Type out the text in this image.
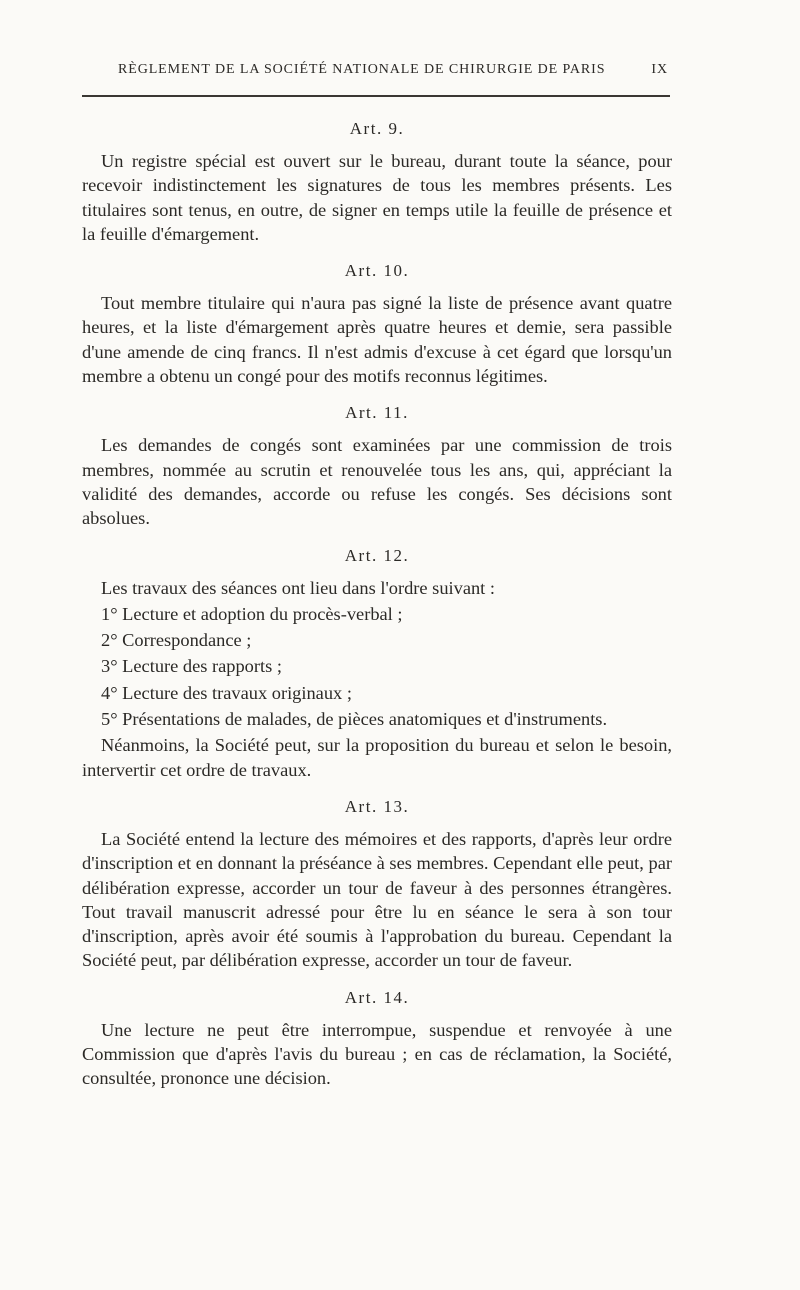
RÈGLEMENT DE LA SOCIÉTÉ NATIONALE DE CHIRURGIE DE PARIS	IX
Art. 9.

Un registre spécial est ouvert sur le bureau, durant toute la séance, pour recevoir indistinctement les signatures de tous les membres présents. Les titulaires sont tenus, en outre, de signer en temps utile la feuille de présence et la feuille d'émargement.

Art. 10.

Tout membre titulaire qui n'aura pas signé la liste de présence avant quatre heures, et la liste d'émargement après quatre heures et demie, sera passible d'une amende de cinq francs. Il n'est admis d'excuse à cet égard que lorsqu'un membre a obtenu un congé pour des motifs reconnus légitimes.

Art. 11.

Les demandes de congés sont examinées par une commission de trois membres, nommée au scrutin et renouvelée tous les ans, qui, appréciant la validité des demandes, accorde ou refuse les congés. Ses décisions sont absolues.

Art. 12.

Les travaux des séances ont lieu dans l'ordre suivant :

1° Lecture et adoption du procès-verbal ;

2° Correspondance ;

3° Lecture des rapports ;

4° Lecture des travaux originaux ;

5° Présentations de malades, de pièces anatomiques et d'instruments.

Néanmoins, la Société peut, sur la proposition du bureau et selon le besoin, intervertir cet ordre de travaux.

Art. 13.

La Société entend la lecture des mémoires et des rapports, d'après leur ordre d'inscription et en donnant la préséance à ses membres. Cependant elle peut, par délibération expresse, accorder un tour de faveur à des personnes étrangères. Tout travail manuscrit adressé pour être lu en séance le sera à son tour d'inscription, après avoir été soumis à l'approbation du bureau. Cependant la Société peut, par délibération expresse, accorder un tour de faveur.

Art. 14.

Une lecture ne peut être interrompue, suspendue et renvoyée à une Commission que d'après l'avis du bureau ; en cas de réclamation, la Société, consultée, prononce une décision.
